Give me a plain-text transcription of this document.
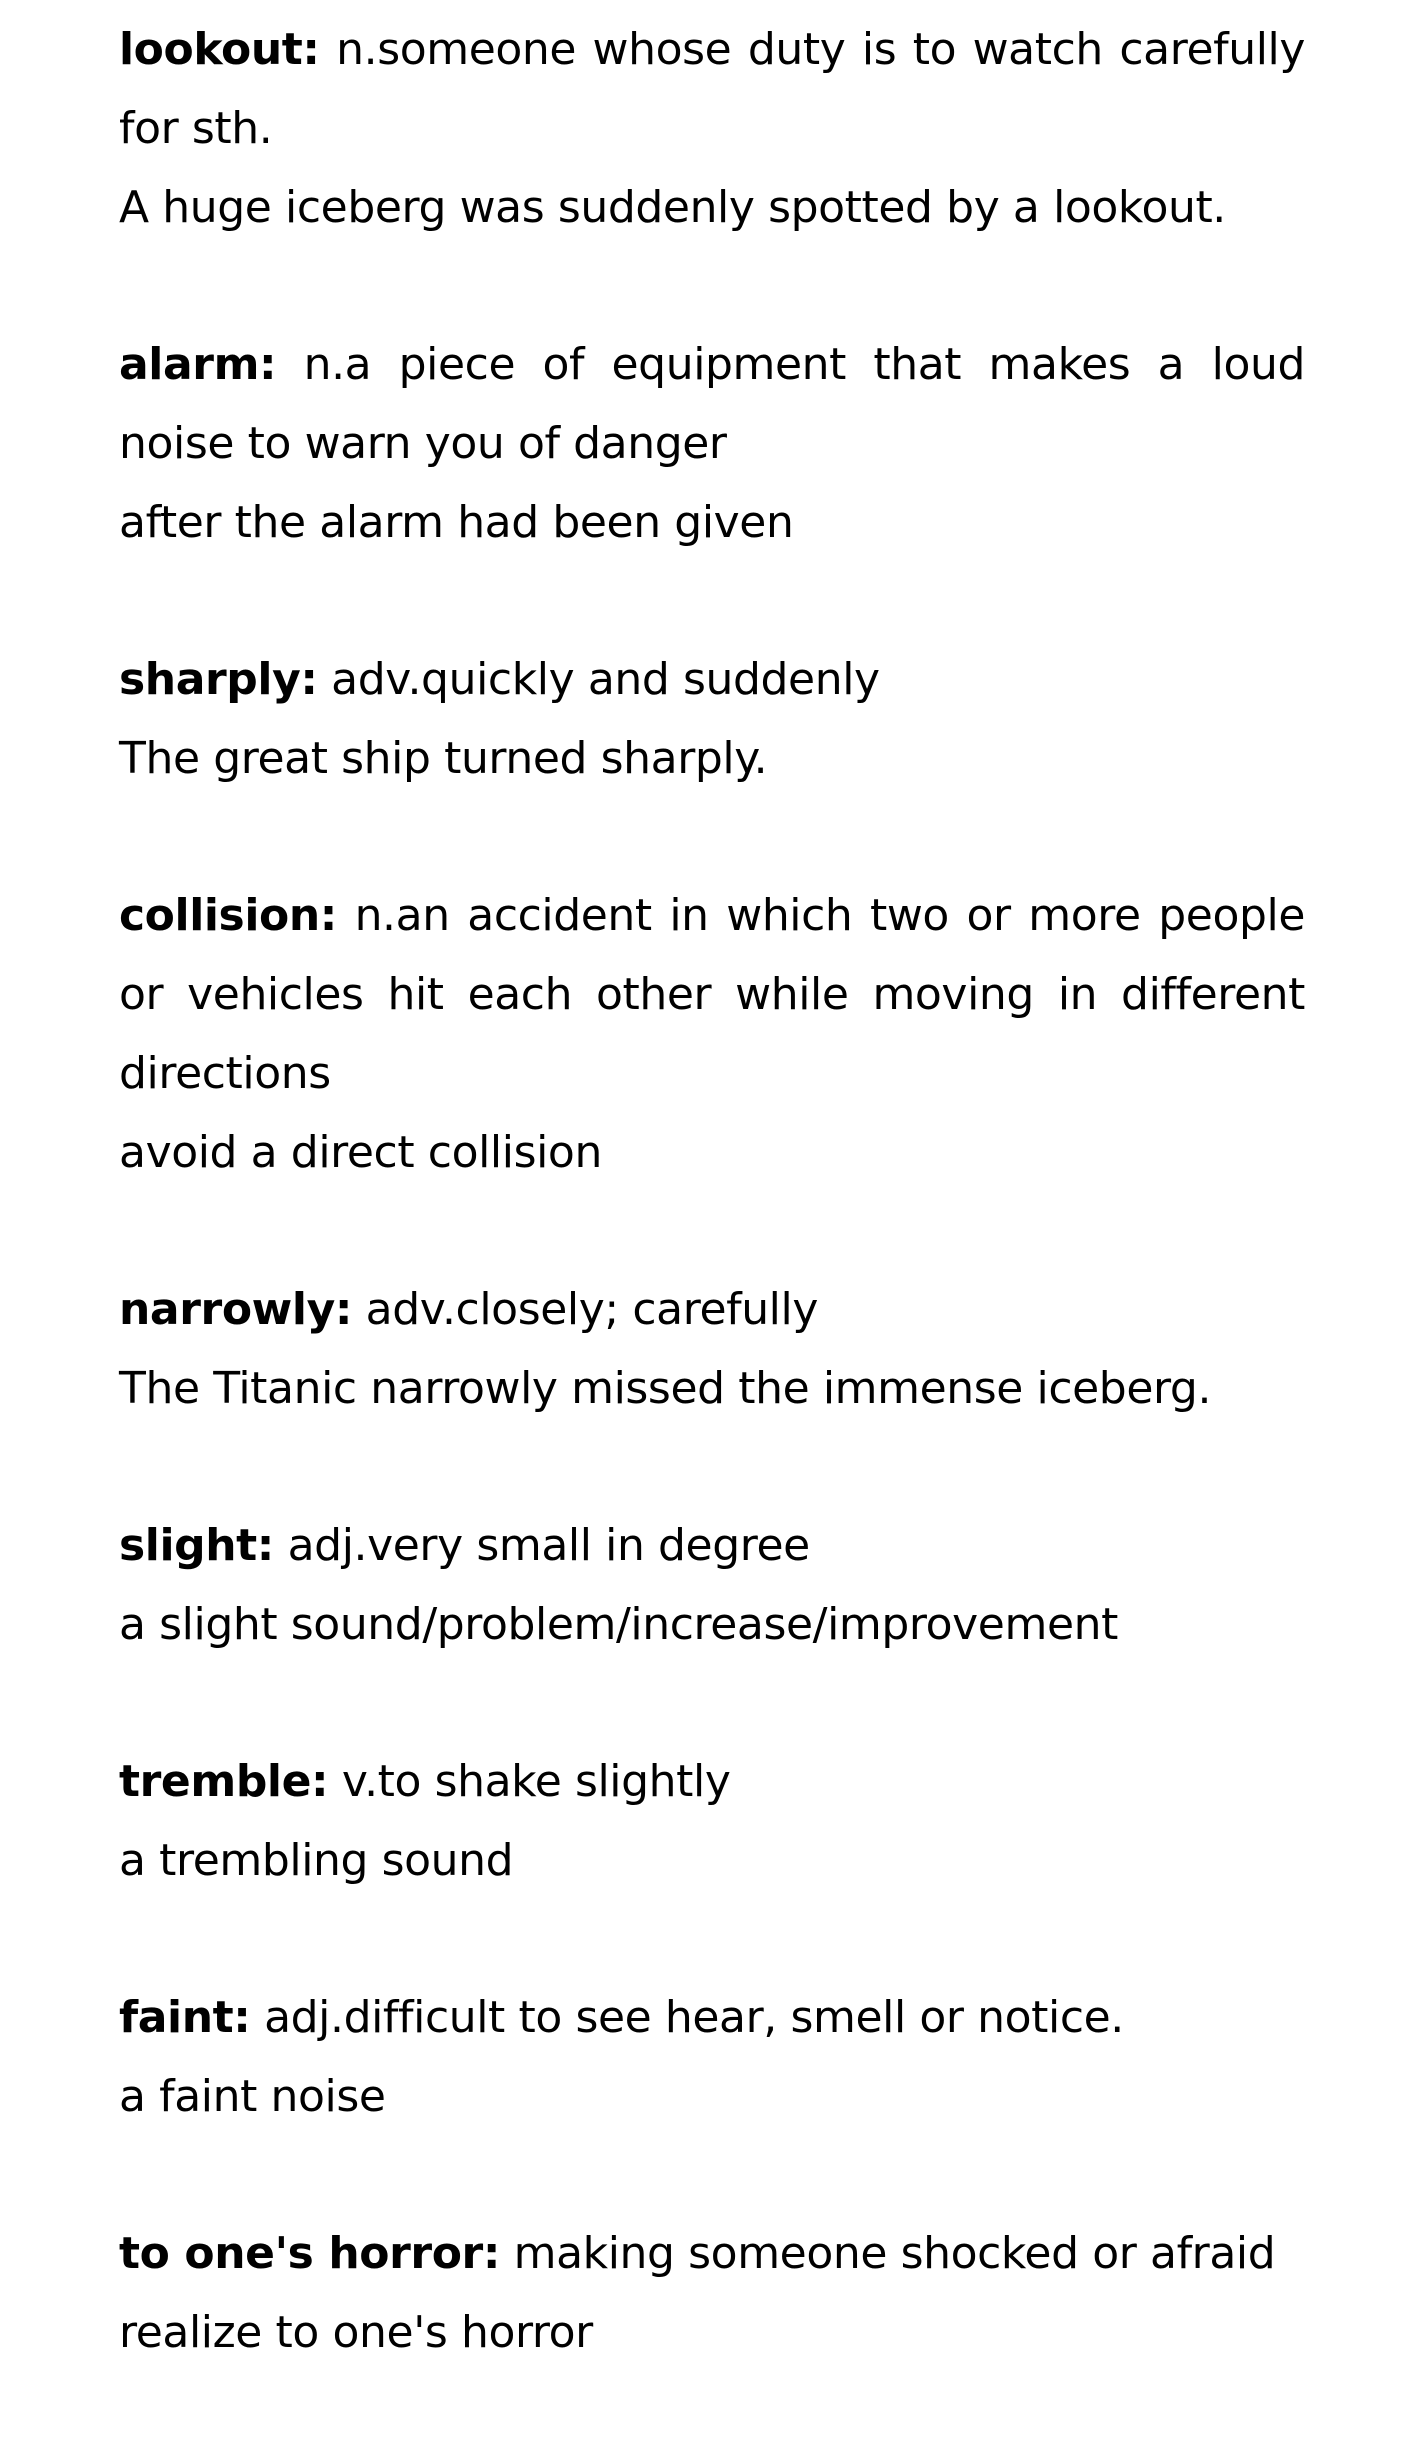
lookout: n.someone whose duty is to watch carefully for sth.

A huge iceberg was suddenly spotted by a lookout.

alarm: n.a piece of equipment that makes a loud noise to warn you of danger

after the alarm had been given

sharply: adv.quickly and suddenly

The great ship turned sharply.

collision: n.an accident in which two or more people or vehicles hit each other while moving in different directions

avoid a direct collision

narrowly: adv.closely; carefully

The Titanic narrowly missed the immense iceberg.

slight: adj.very small in degree

a slight sound/problem/increase/improvement

tremble: v.to shake slightly

a trembling sound

faint: adj.difficult to see hear, smell or notice.

a faint noise

to one's horror: making someone shocked or afraid

realize to one's horror
